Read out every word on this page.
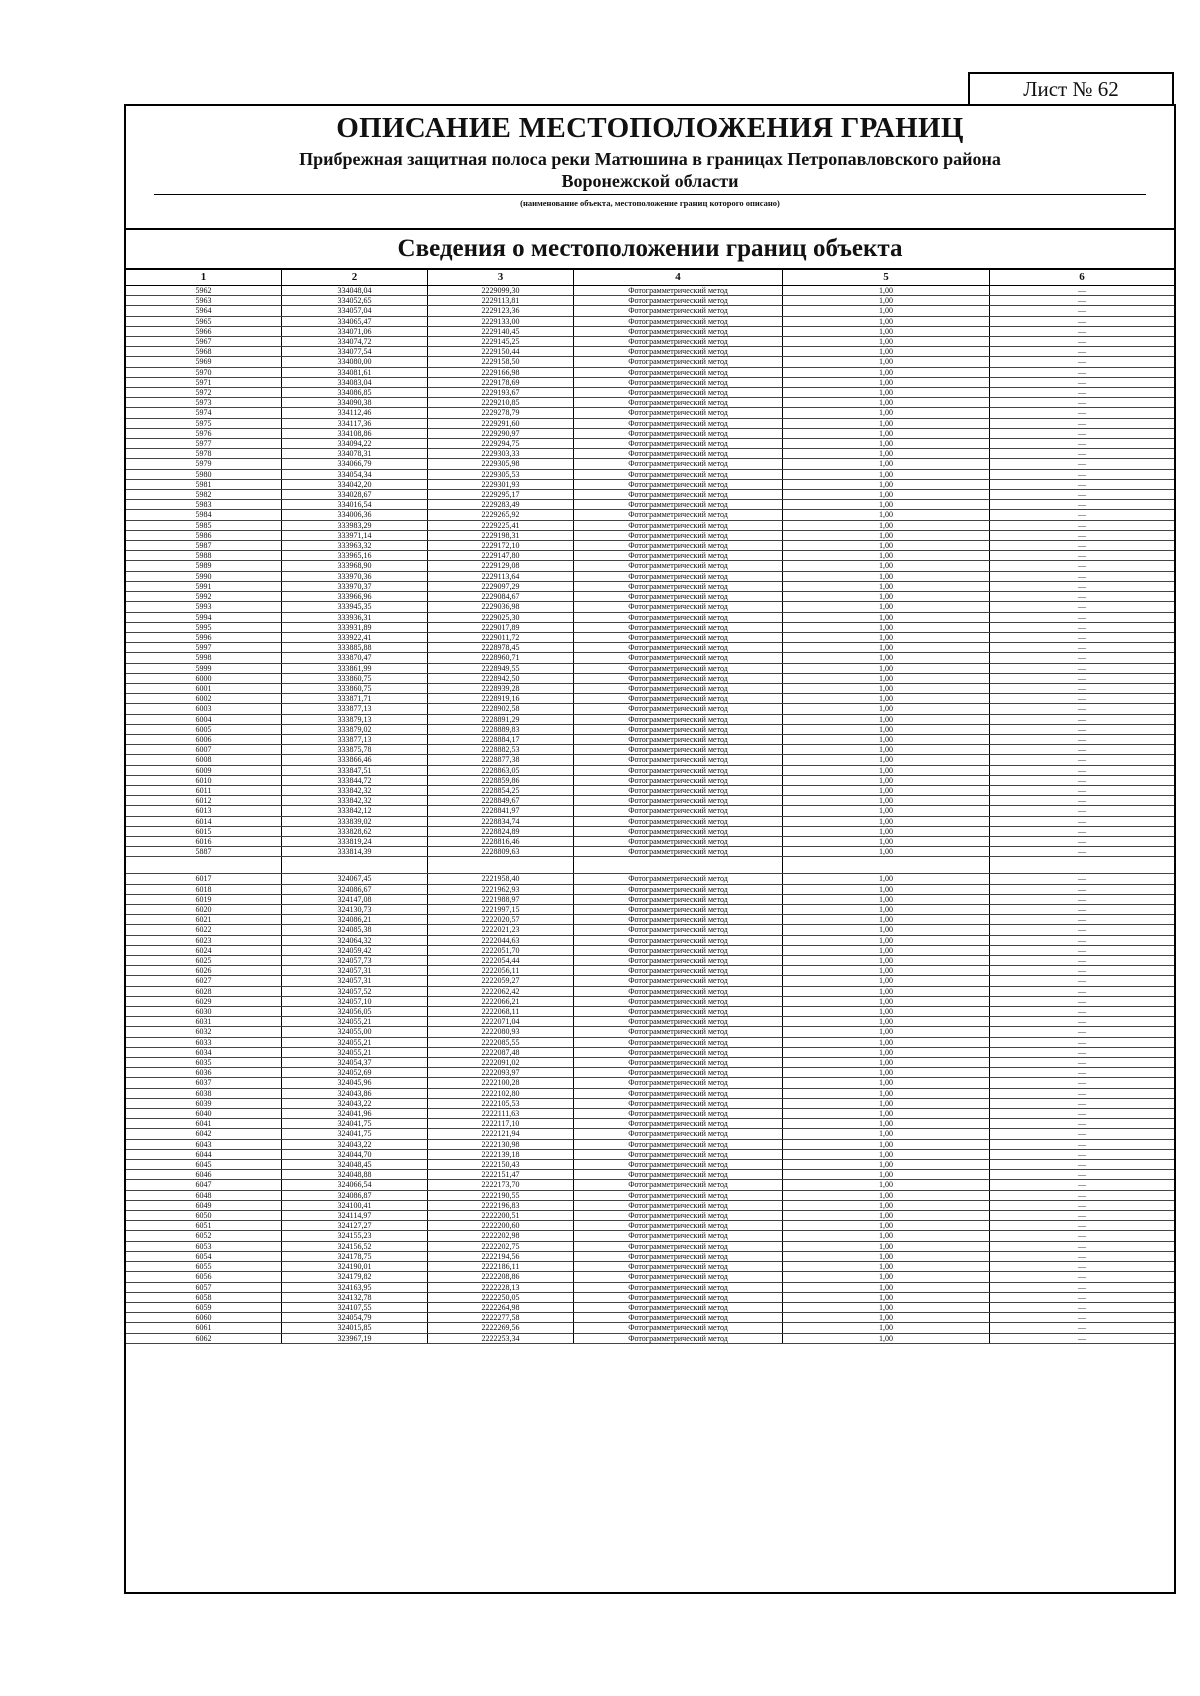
Лист № 62
ОПИСАНИЕ МЕСТОПОЛОЖЕНИЯ ГРАНИЦ
Прибрежная защитная полоса реки Матюшина в границах Петропавловского района
Воронежской области
(наименование объекта, местоположение границ которого описано)
Сведения о местоположении границ объекта
1	2	3	4	5	6
5962	334048,04	2229099,30	Фотограмметрический метод	1,00	—
5963	334052,65	2229113,81	Фотограмметрический метод	1,00	—
5964	334057,04	2229123,36	Фотограмметрический метод	1,00	—
5965	334065,47	2229133,00	Фотограмметрический метод	1,00	—
5966	334071,06	2229140,45	Фотограмметрический метод	1,00	—
5967	334074,72	2229145,25	Фотограмметрический метод	1,00	—
5968	334077,54	2229150,44	Фотограмметрический метод	1,00	—
5969	334080,00	2229158,50	Фотограмметрический метод	1,00	—
5970	334081,61	2229166,98	Фотограмметрический метод	1,00	—
5971	334083,04	2229178,69	Фотограмметрический метод	1,00	—
5972	334086,85	2229193,67	Фотограмметрический метод	1,00	—
5973	334090,38	2229210,85	Фотограмметрический метод	1,00	—
5974	334112,46	2229278,79	Фотограмметрический метод	1,00	—
5975	334117,36	2229291,60	Фотограмметрический метод	1,00	—
5976	334108,86	2229290,97	Фотограмметрический метод	1,00	—
5977	334094,22	2229294,75	Фотограмметрический метод	1,00	—
5978	334078,31	2229303,33	Фотограмметрический метод	1,00	—
5979	334066,79	2229305,98	Фотограмметрический метод	1,00	—
5980	334054,34	2229305,53	Фотограмметрический метод	1,00	—
5981	334042,20	2229301,93	Фотограмметрический метод	1,00	—
5982	334028,67	2229295,17	Фотограмметрический метод	1,00	—
5983	334016,54	2229283,49	Фотограмметрический метод	1,00	—
5984	334006,36	2229265,92	Фотограмметрический метод	1,00	—
5985	333983,29	2229225,41	Фотограмметрический метод	1,00	—
5986	333971,14	2229198,31	Фотограмметрический метод	1,00	—
5987	333963,32	2229172,10	Фотограмметрический метод	1,00	—
5988	333965,16	2229147,80	Фотограмметрический метод	1,00	—
5989	333968,90	2229129,08	Фотограмметрический метод	1,00	—
5990	333970,36	2229113,64	Фотограмметрический метод	1,00	—
5991	333970,37	2229097,29	Фотограмметрический метод	1,00	—
5992	333966,96	2229084,67	Фотограмметрический метод	1,00	—
5993	333945,35	2229036,98	Фотограмметрический метод	1,00	—
5994	333936,31	2229025,30	Фотограмметрический метод	1,00	—
5995	333931,89	2229017,89	Фотограмметрический метод	1,00	—
5996	333922,41	2229011,72	Фотограмметрический метод	1,00	—
5997	333885,88	2228978,45	Фотограмметрический метод	1,00	—
5998	333870,47	2228960,71	Фотограмметрический метод	1,00	—
5999	333861,99	2228949,55	Фотограмметрический метод	1,00	—
6000	333860,75	2228942,50	Фотограмметрический метод	1,00	—
6001	333860,75	2228939,28	Фотограмметрический метод	1,00	—
6002	333871,71	2228919,16	Фотограмметрический метод	1,00	—
6003	333877,13	2228902,58	Фотограмметрический метод	1,00	—
6004	333879,13	2228891,29	Фотограмметрический метод	1,00	—
6005	333879,02	2228889,83	Фотограмметрический метод	1,00	—
6006	333877,13	2228884,17	Фотограмметрический метод	1,00	—
6007	333875,78	2228882,53	Фотограмметрический метод	1,00	—
6008	333866,46	2228877,38	Фотограмметрический метод	1,00	—
6009	333847,51	2228863,05	Фотограмметрический метод	1,00	—
6010	333844,72	2228859,86	Фотограмметрический метод	1,00	—
6011	333842,32	2228854,25	Фотограмметрический метод	1,00	—
6012	333842,32	2228849,67	Фотограмметрический метод	1,00	—
6013	333842,12	2228841,97	Фотограмметрический метод	1,00	—
6014	333839,02	2228834,74	Фотограмметрический метод	1,00	—
6015	333828,62	2228824,89	Фотограмметрический метод	1,00	—
6016	333819,24	2228816,46	Фотограмметрический метод	1,00	—
5887	333814,39	2228809,63	Фотограмметрический метод	1,00	—

6017	324067,45	2221958,40	Фотограмметрический метод	1,00	—
6018	324086,67	2221962,93	Фотограмметрический метод	1,00	—
6019	324147,08	2221988,97	Фотограмметрический метод	1,00	—
6020	324130,73	2221997,15	Фотограмметрический метод	1,00	—
6021	324086,21	2222020,57	Фотограмметрический метод	1,00	—
6022	324085,38	2222021,23	Фотограмметрический метод	1,00	—
6023	324064,32	2222044,63	Фотограмметрический метод	1,00	—
6024	324059,42	2222051,70	Фотограмметрический метод	1,00	—
6025	324057,73	2222054,44	Фотограмметрический метод	1,00	—
6026	324057,31	2222056,11	Фотограмметрический метод	1,00	—
6027	324057,31	2222059,27	Фотограмметрический метод	1,00	—
6028	324057,52	2222062,42	Фотограмметрический метод	1,00	—
6029	324057,10	2222066,21	Фотограмметрический метод	1,00	—
6030	324056,05	2222068,11	Фотограмметрический метод	1,00	—
6031	324055,21	2222071,04	Фотограмметрический метод	1,00	—
6032	324055,00	2222080,93	Фотограмметрический метод	1,00	—
6033	324055,21	2222085,55	Фотограмметрический метод	1,00	—
6034	324055,21	2222087,48	Фотограмметрический метод	1,00	—
6035	324054,37	2222091,02	Фотограмметрический метод	1,00	—
6036	324052,69	2222093,97	Фотограмметрический метод	1,00	—
6037	324045,96	2222100,28	Фотограмметрический метод	1,00	—
6038	324043,86	2222102,80	Фотограмметрический метод	1,00	—
6039	324043,22	2222105,53	Фотограмметрический метод	1,00	—
6040	324041,96	2222111,63	Фотограмметрический метод	1,00	—
6041	324041,75	2222117,10	Фотограмметрический метод	1,00	—
6042	324041,75	2222121,94	Фотограмметрический метод	1,00	—
6043	324043,22	2222130,98	Фотограмметрический метод	1,00	—
6044	324044,70	2222139,18	Фотограмметрический метод	1,00	—
6045	324048,45	2222150,43	Фотограмметрический метод	1,00	—
6046	324048,88	2222151,47	Фотограмметрический метод	1,00	—
6047	324066,54	2222173,70	Фотограмметрический метод	1,00	—
6048	324086,87	2222190,55	Фотограмметрический метод	1,00	—
6049	324100,41	2222196,83	Фотограмметрический метод	1,00	—
6050	324114,97	2222200,51	Фотограмметрический метод	1,00	—
6051	324127,27	2222200,60	Фотограмметрический метод	1,00	—
6052	324155,23	2222202,98	Фотограмметрический метод	1,00	—
6053	324156,52	2222202,75	Фотограмметрический метод	1,00	—
6054	324178,75	2222194,56	Фотограмметрический метод	1,00	—
6055	324190,01	2222186,11	Фотограмметрический метод	1,00	—
6056	324179,82	2222208,86	Фотограмметрический метод	1,00	—
6057	324163,95	2222228,13	Фотограмметрический метод	1,00	—
6058	324132,78	2222250,05	Фотограмметрический метод	1,00	—
6059	324107,55	2222264,98	Фотограмметрический метод	1,00	—
6060	324054,79	2222277,58	Фотограмметрический метод	1,00	—
6061	324015,85	2222269,56	Фотограмметрический метод	1,00	—
6062	323967,19	2222253,34	Фотограмметрический метод	1,00	—
